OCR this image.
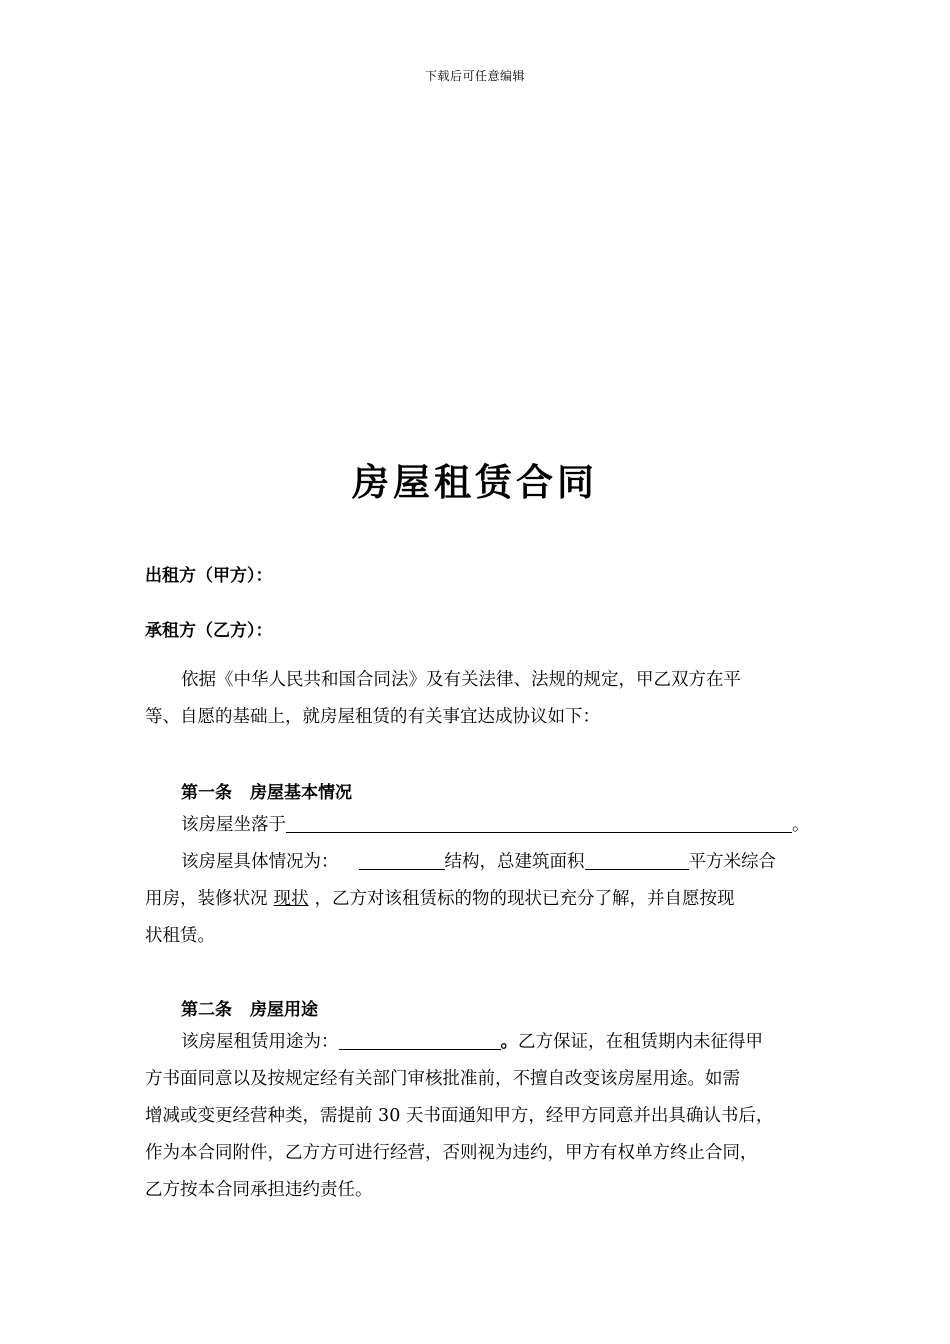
下载后可任意编辑
房屋租赁合同
出租方（甲方）：
承租方（乙方）：
依据《中华人民共和国合同法》及有关法律、法规的规定，甲乙双方在平
等、自愿的基础上，就房屋租赁的有关事宜达成协议如下：
第一条 房屋基本情况
该房屋坐落于	。
该房屋具体情况为：	结构，总建筑面积	平方米综合
用房，装修状况 现状 ，乙方对该租赁标的物的现状已充分了解，并自愿按现
状租赁。
第二条 房屋用途
该房屋租赁用途为：	。乙方保证，在租赁期内未征得甲
方书面同意以及按规定经有关部门审核批准前，不擅自改变该房屋用途。如需
增减或变更经营种类，需提前 30 天书面通知甲方，经甲方同意并出具确认书后，
作为本合同附件，乙方方可进行经营，否则视为违约，甲方有权单方终止合同，
乙方按本合同承担违约责任。
